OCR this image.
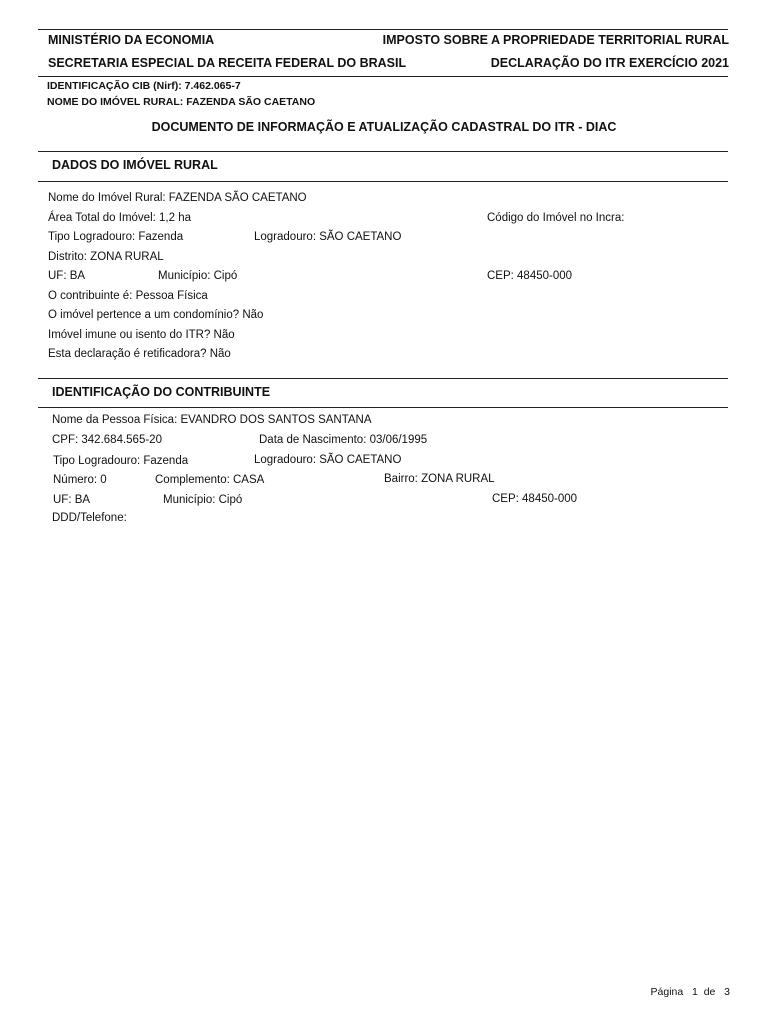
MINISTÉRIO DA ECONOMIA	IMPOSTO SOBRE A PROPRIEDADE TERRITORIAL RURAL
SECRETARIA ESPECIAL DA RECEITA FEDERAL DO BRASIL	DECLARAÇÃO DO ITR EXERCÍCIO 2021
IDENTIFICAÇÃO CIB (Nirf): 7.462.065-7
NOME DO IMÓVEL RURAL: FAZENDA SÃO CAETANO
DOCUMENTO DE INFORMAÇÃO E ATUALIZAÇÃO CADASTRAL DO ITR - DIAC
DADOS DO IMÓVEL RURAL
Nome do Imóvel Rural: FAZENDA SÃO CAETANO
Área Total do Imóvel: 1,2 ha	Código do Imóvel no Incra:
Tipo Logradouro: Fazenda	Logradouro: SÃO CAETANO
Distrito: ZONA RURAL
UF: BA	Município: Cipó	CEP: 48450-000
O contribuinte é: Pessoa Física
O imóvel pertence a um condomínio? Não
Imóvel imune ou isento do ITR? Não
Esta declaração é retificadora? Não
IDENTIFICAÇÃO DO CONTRIBUINTE
Nome da Pessoa Física: EVANDRO DOS SANTOS SANTANA
CPF: 342.684.565-20	Data de Nascimento: 03/06/1995
Tipo Logradouro: Fazenda	Logradouro: SÃO CAETANO
Número: 0	Complemento: CASA	Bairro: ZONA RURAL
UF: BA	Município: Cipó	CEP: 48450-000
DDD/Telefone:
Página 1 de 3
